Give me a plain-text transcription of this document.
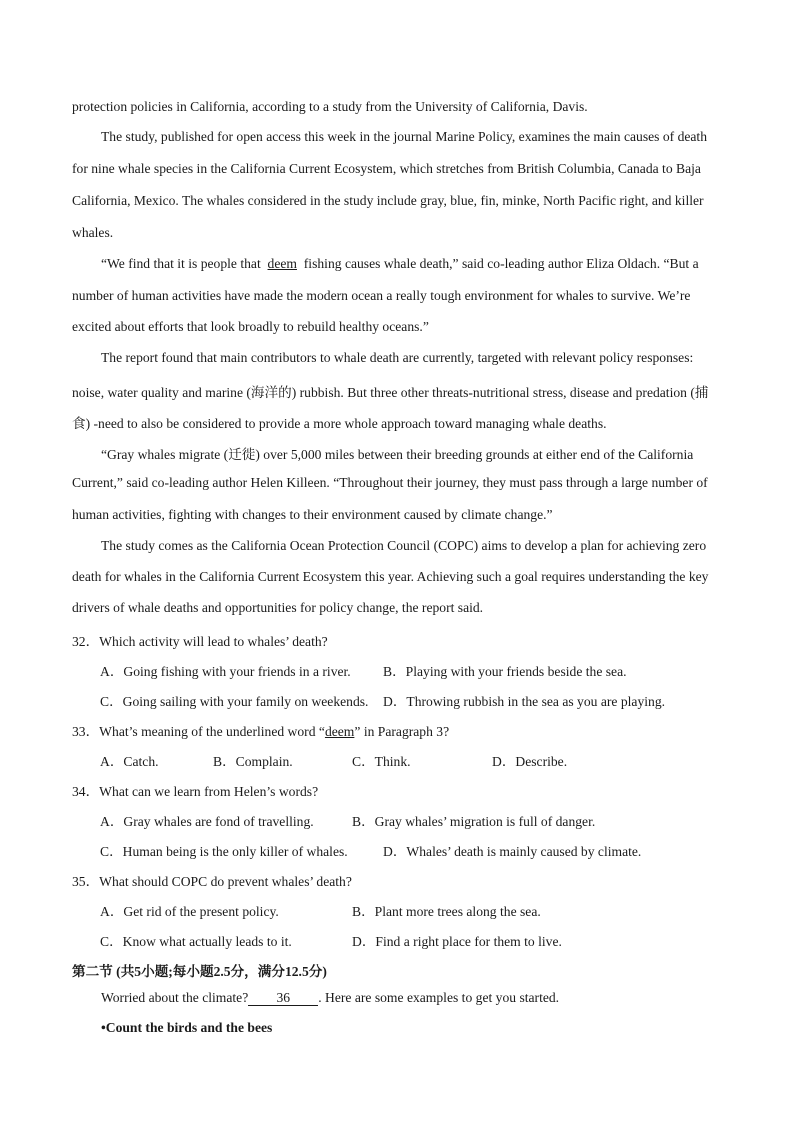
protection policies in California, according to a study from the University of California, Davis.
The study, published for open access this week in the journal Marine Policy, examines the main causes of death
for nine whale species in the California Current Ecosystem, which stretches from British Columbia, Canada to Baja
California, Mexico. The whales considered in the study include gray, blue, fin, minke, North Pacific right, and killer
whales.
“We find that it is people that deem fishing causes whale death,” said co-leading author Eliza Oldach. “But a
number of human activities have made the modern ocean a really tough environment for whales to survive. We’re
excited about efforts that look broadly to rebuild healthy oceans.”
The report found that main contributors to whale death are currently, targeted with relevant policy responses:
noise, water quality and marine (海洋的) rubbish. But three other threats-nutritional stress, disease and predation (捕
食) -need to also be considered to provide a more whole approach toward managing whale deaths.
“Gray whales migrate (迁徙) over 5,000 miles between their breeding grounds at either end of the California
Current,” said co-leading author Helen Killeen. “Throughout their journey, they must pass through a large number of
human activities, fighting with changes to their environment caused by climate change.”
The study comes as the California Ocean Protection Council (COPC) aims to develop a plan for achieving zero
death for whales in the California Current Ecosystem this year. Achieving such a goal requires understanding the key
drivers of whale deaths and opportunities for policy change, the report said.
32．Which activity will lead to whales’ death?
A．Going fishing with your friends in a river. B．Playing with your friends beside the sea.
C．Going sailing with your family on weekends. D．Throwing rubbish in the sea as you are playing.
33．What’s meaning of the underlined word “deem” in Paragraph 3?
A．Catch.	B．Complain.	C．Think.	D．Describe.
34．What can we learn from Helen’s words?
A．Gray whales are fond of travelling.	B．Gray whales’ migration is full of danger.
C．Human being is the only killer of whales.	D．Whales’ death is mainly caused by climate.
35．What should COPC do prevent whales’ death?
A．Get rid of the present policy.	B．Plant more trees along the sea.
C．Know what actually leads to it.	D．Find a right place for them to live.
第二节 (共5小题;每小题2.5分，满分12.5分)
Worried about the climate? 36 . Here are some examples to get you started.
•Count the birds and the bees
